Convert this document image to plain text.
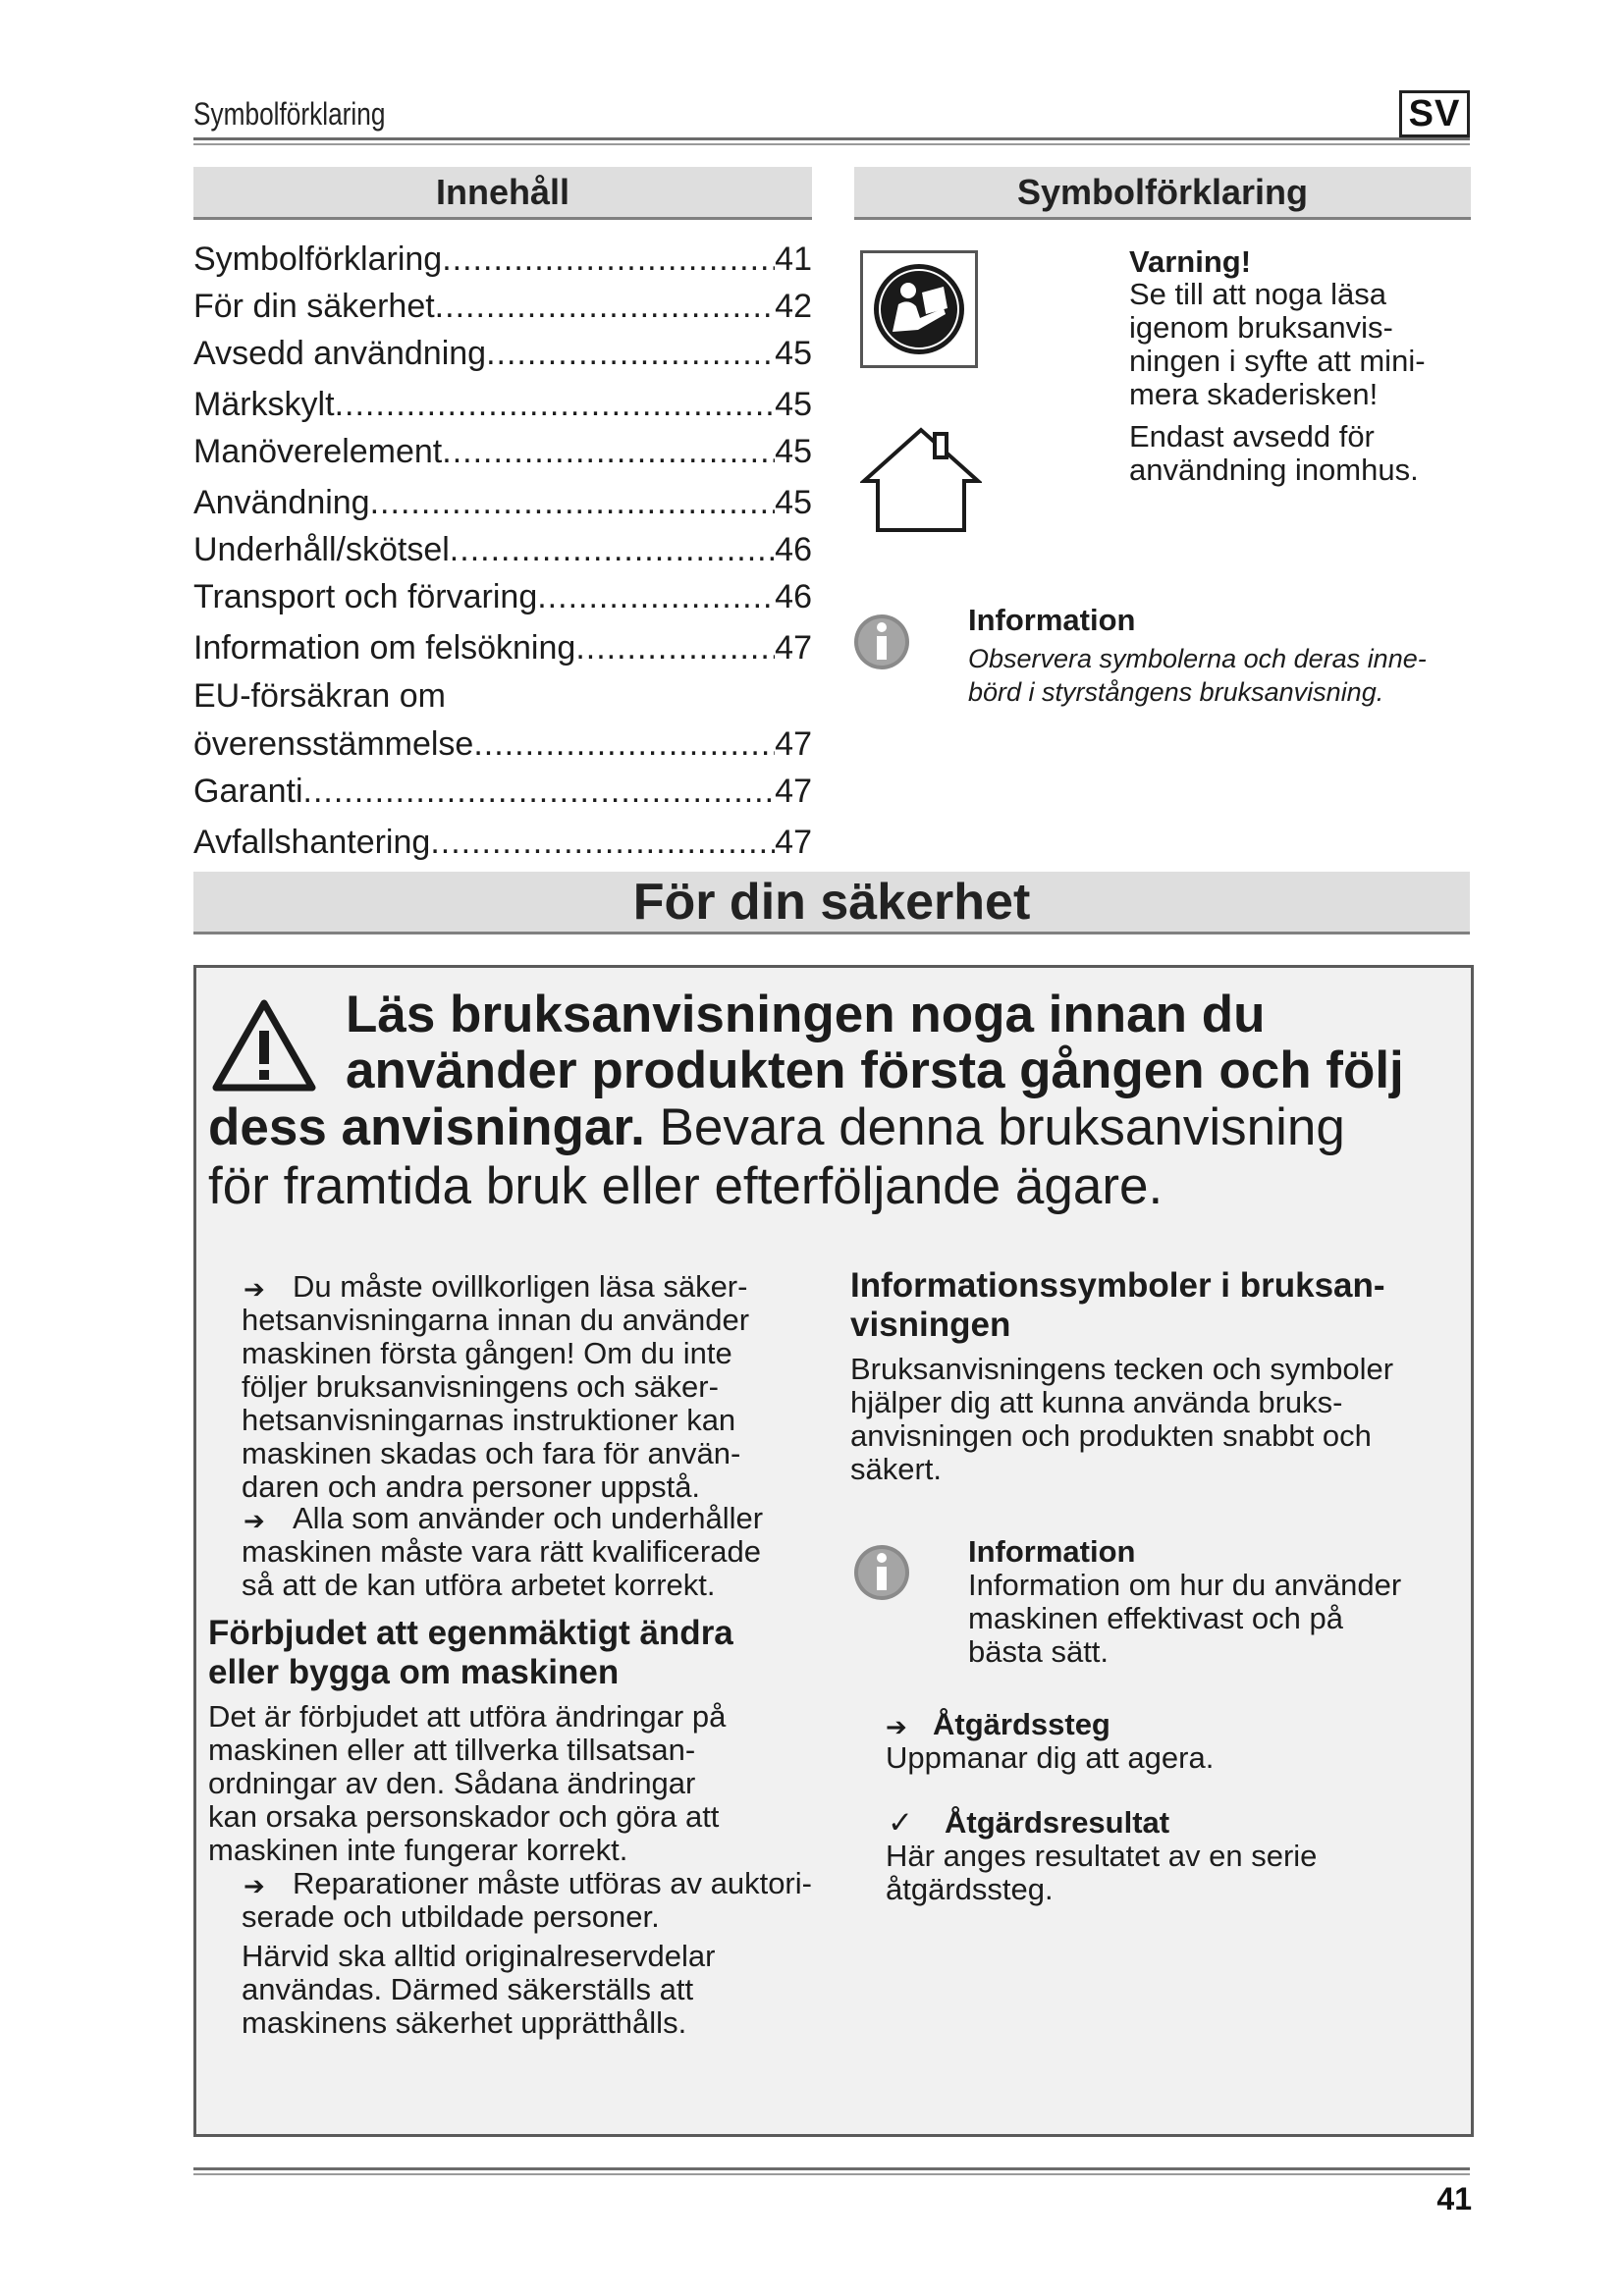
Symbolförklaring	SV
Innehåll	Symbolförklaring
Symbolförklaring .....	41
För din säkerhet .....	42
Avsedd användning .....	45
Märkskylt .....	45
Manöverelement .....	45
Användning .....	45
Underhåll/skötsel .....	46
Transport och förvaring .....	46
Information om felsökning .....	47
EU-försäkran om
överensstämmelse .....	47
Garanti .....	47
Avfallshantering .....	47
Varning!
Se till att noga läsa
igenom bruksanvis-
ningen i syfte att mini-
mera skaderisken!
Endast avsedd för
användning inomhus.
Information
Observera symbolerna och deras inne-
börd i styrstångens bruksanvisning.
För din säkerhet
Läs bruksanvisningen noga innan du
använder produkten första gången och följ
dess anvisningar. Bevara denna bruksanvisning
för framtida bruk eller efterföljande ägare.
➔ Du måste ovillkorligen läsa säker-
hetsanvisningarna innan du använder
maskinen första gången! Om du inte
följer bruksanvisningens och säker-
hetsanvisningarnas instruktioner kan
maskinen skadas och fara för använ-
daren och andra personer uppstå.
➔ Alla som använder och underhåller
maskinen måste vara rätt kvalificerade
så att de kan utföra arbetet korrekt.
Förbjudet att egenmäktigt ändra
eller bygga om maskinen
Det är förbjudet att utföra ändringar på
maskinen eller att tillverka tillsatsan-
ordningar av den. Sådana ändringar
kan orsaka personskador och göra att
maskinen inte fungerar korrekt.
➔ Reparationer måste utföras av auktori-
serade och utbildade personer.
Härvid ska alltid originalreservdelar
användas. Därmed säkerställs att
maskinens säkerhet upprätthålls.
Informationssymboler i bruksan-
visningen
Bruksanvisningens tecken och symboler
hjälper dig att kunna använda bruks-
anvisningen och produkten snabbt och
säkert.
Information
Information om hur du använder
maskinen effektivast och på
bästa sätt.
➔ Åtgärdssteg
Uppmanar dig att agera.
✓ Åtgärdsresultat
Här anges resultatet av en serie
åtgärdssteg.
41
